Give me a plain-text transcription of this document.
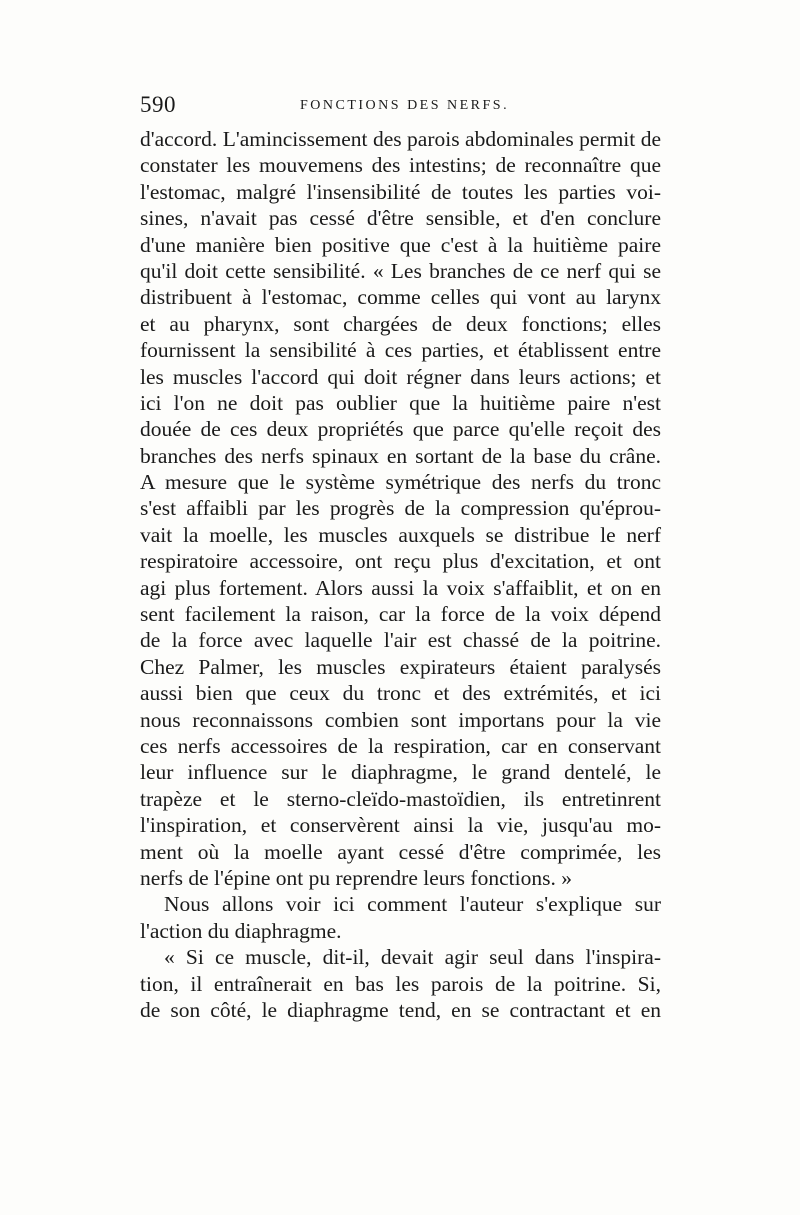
590	FONCTIONS DES NERFS.
d'accord. L'amincissement des parois abdominales permit de
constater les mouvemens des intestins; de reconnaître que
l'estomac, malgré l'insensibilité de toutes les parties voi-
sines, n'avait pas cessé d'être sensible, et d'en conclure
d'une manière bien positive que c'est à la huitième paire
qu'il doit cette sensibilité. « Les branches de ce nerf qui se
distribuent à l'estomac, comme celles qui vont au larynx
et au pharynx, sont chargées de deux fonctions; elles
fournissent la sensibilité à ces parties, et établissent entre
les muscles l'accord qui doit régner dans leurs actions; et
ici l'on ne doit pas oublier que la huitième paire n'est
douée de ces deux propriétés que parce qu'elle reçoit des
branches des nerfs spinaux en sortant de la base du crâne.
A mesure que le système symétrique des nerfs du tronc
s'est affaibli par les progrès de la compression qu'éprou-
vait la moelle, les muscles auxquels se distribue le nerf
respiratoire accessoire, ont reçu plus d'excitation, et ont
agi plus fortement. Alors aussi la voix s'affaiblit, et on en
sent facilement la raison, car la force de la voix dépend
de la force avec laquelle l'air est chassé de la poitrine.
Chez Palmer, les muscles expirateurs étaient paralysés
aussi bien que ceux du tronc et des extrémités, et ici
nous reconnaissons combien sont importans pour la vie
ces nerfs accessoires de la respiration, car en conservant
leur influence sur le diaphragme, le grand dentelé, le
trapèze et le sterno-cleïdo-mastoïdien, ils entretinrent
l'inspiration, et conservèrent ainsi la vie, jusqu'au mo-
ment où la moelle ayant cessé d'être comprimée, les
nerfs de l'épine ont pu reprendre leurs fonctions. »
Nous allons voir ici comment l'auteur s'explique sur
l'action du diaphragme.
« Si ce muscle, dit-il, devait agir seul dans l'inspira-
tion, il entraînerait en bas les parois de la poitrine. Si,
de son côté, le diaphragme tend, en se contractant et en
